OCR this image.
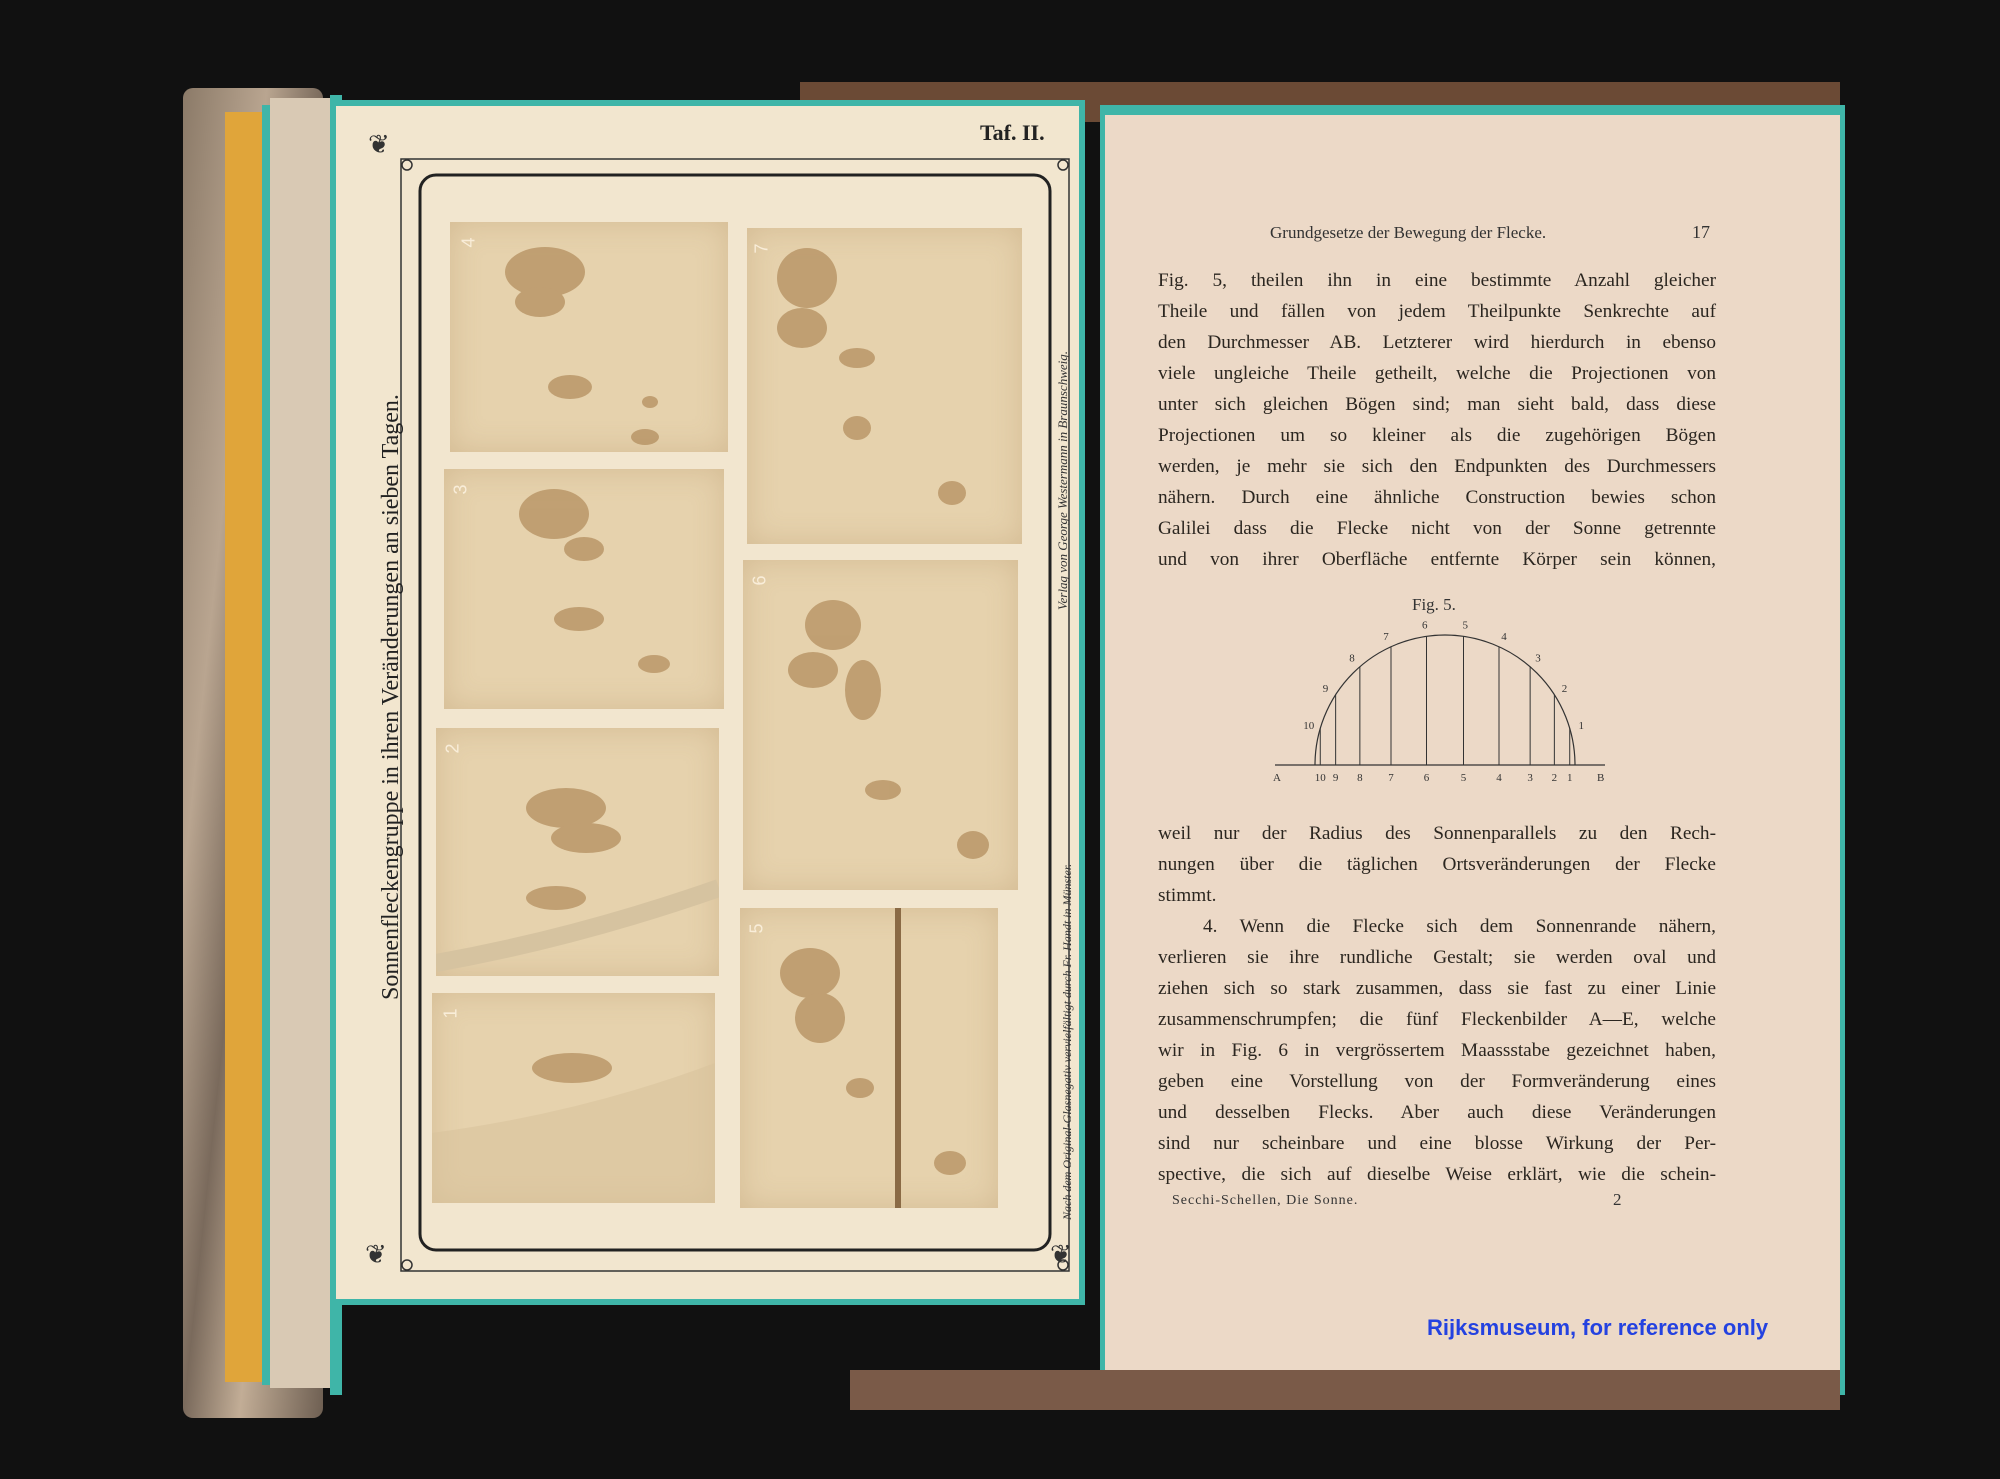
❦
❦	❦
Taf. II.
Sonnenfleckengruppe in ihren Veränderungen an sieben Tagen.	Verlag von George Westermann in Braunschweig.
Nach dem Original-Glasnegativ vervielfältigt durch Fr. Handt in Münster.
4
7
3
6
2
5
1
Grundgesetze der Bewegung der Flecke.	17

Fig. 5, theilen ihn in eine bestimmte Anzahl gleicher

Theile und fällen von jedem Theilpunkte Senkrechte auf

den Durchmesser AB. Letzterer wird hierdurch in ebenso

viele ungleiche Theile getheilt, welche die Projectionen von

unter sich gleichen Bögen sind; man sieht bald, dass diese

Projectionen um so kleiner als die zugehörigen Bögen

werden, je mehr sie sich den Endpunkten des Durchmessers

nähern. Durch eine ähnliche Construction bewies schon

Galilei dass die Flecke nicht von der Sonne getrennte

und von ihrer Oberfläche entfernte Körper sein können,

Fig. 5.
1
1
2
2
3
3
4
4
5
5
6
6
7
7
8
8
9
9
10
10
A	B

weil nur der Radius des Sonnenparallels zu den Rech-

nungen über die täglichen Ortsveränderungen der Flecke

stimmt.

4. Wenn die Flecke sich dem Sonnenrande nähern,

verlieren sie ihre rundliche Gestalt; sie werden oval und

ziehen sich so stark zusammen, dass sie fast zu einer Linie

zusammenschrumpfen; die fünf Fleckenbilder A—E, welche

wir in Fig. 6 in vergrössertem Maassstabe gezeichnet haben,

geben eine Vorstellung von der Formveränderung eines

und desselben Flecks. Aber auch diese Veränderungen

sind nur scheinbare und eine blosse Wirkung der Per-

spective, die sich auf dieselbe Weise erklärt, wie die schein-

Secchi-Schellen, Die Sonne.	2
Rijksmuseum, for reference only
